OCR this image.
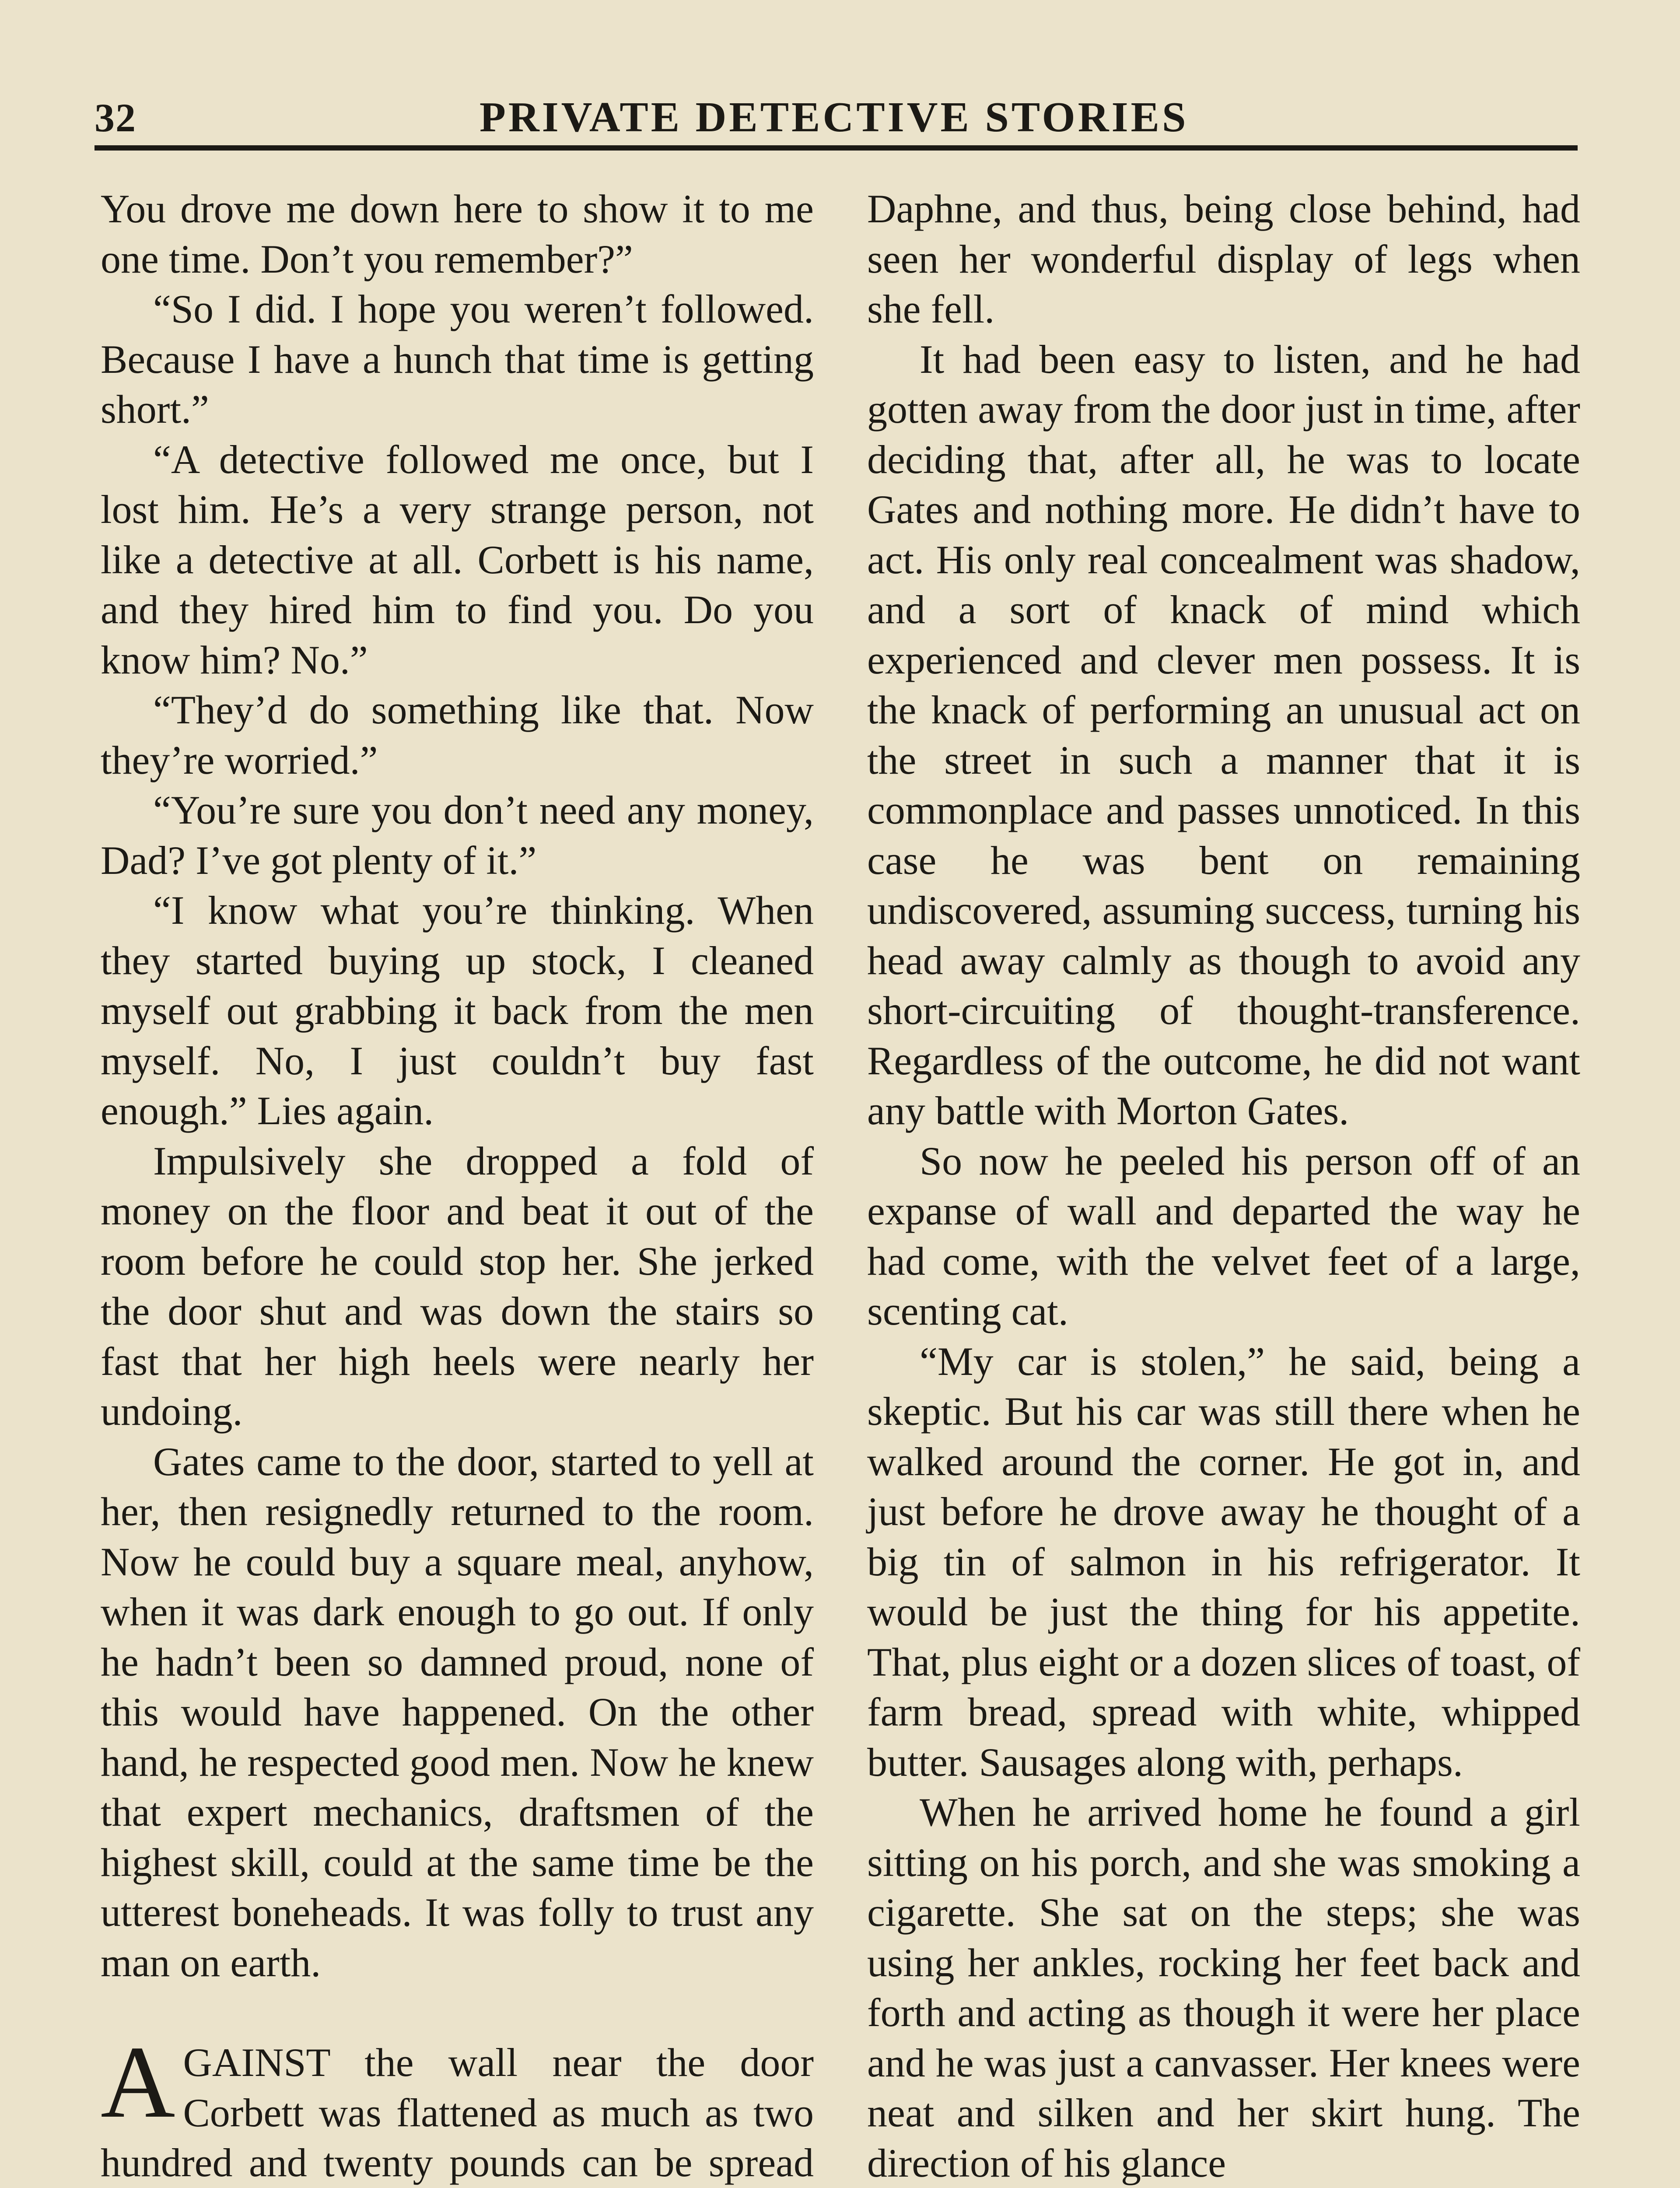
32	PRIVATE DETECTIVE STORIES

You drove me down here to show it to me one time. Don’t you remember?”

“So I did. I hope you weren’t followed. Because I have a hunch that time is getting short.”

“A detective followed me once, but I lost him. He’s a very strange person, not like a detective at all. Corbett is his name, and they hired him to find you. Do you know him? No.”

“They’d do something like that. Now they’re worried.”

“You’re sure you don’t need any money, Dad? I’ve got plenty of it.”

“I know what you’re thinking. When they started buying up stock, I cleaned myself out grabbing it back from the men myself. No, I just couldn’t buy fast enough.” Lies again.

Impulsively she dropped a fold of money on the floor and beat it out of the room before he could stop her. She jerked the door shut and was down the stairs so fast that her high heels were nearly her undoing.

Gates came to the door, started to yell at her, then resignedly returned to the room. Now he could buy a square meal, anyhow, when it was dark enough to go out. If only he hadn’t been so damned proud, none of this would have happened. On the other hand, he respected good men. Now he knew that expert mechanics, draftsmen of the highest skill, could at the same time be the utterest boneheads. It was folly to trust any man on earth.

AGAINST the wall near the door Corbett was flattened as much as two hundred and twenty pounds can be spread

Daphne, and thus, being close behind, had seen her wonderful display of legs when she fell.

It had been easy to listen, and he had gotten away from the door just in time, after deciding that, after all, he was to locate Gates and nothing more. He didn’t have to act. His only real concealment was shadow, and a sort of knack of mind which experienced and clever men possess. It is the knack of performing an unusual act on the street in such a manner that it is commonplace and passes unnoticed. In this case he was bent on remaining undiscovered, assuming success, turning his head away calmly as though to avoid any short-circuiting of thought-transference. Regardless of the outcome, he did not want any battle with Morton Gates.

So now he peeled his person off of an expanse of wall and departed the way he had come, with the velvet feet of a large, scenting cat.

“My car is stolen,” he said, being a skeptic. But his car was still there when he walked around the corner. He got in, and just before he drove away he thought of a big tin of salmon in his refrigerator. It would be just the thing for his appetite. That, plus eight or a dozen slices of toast, of farm bread, spread with white, whipped butter. Sausages along with, perhaps.

When he arrived home he found a girl sitting on his porch, and she was smoking a cigarette. She sat on the steps; she was using her ankles, rocking her feet back and forth and acting as though it were her place and he was just a canvasser. Her knees were neat and silken and her skirt hung. The direction of his glance
